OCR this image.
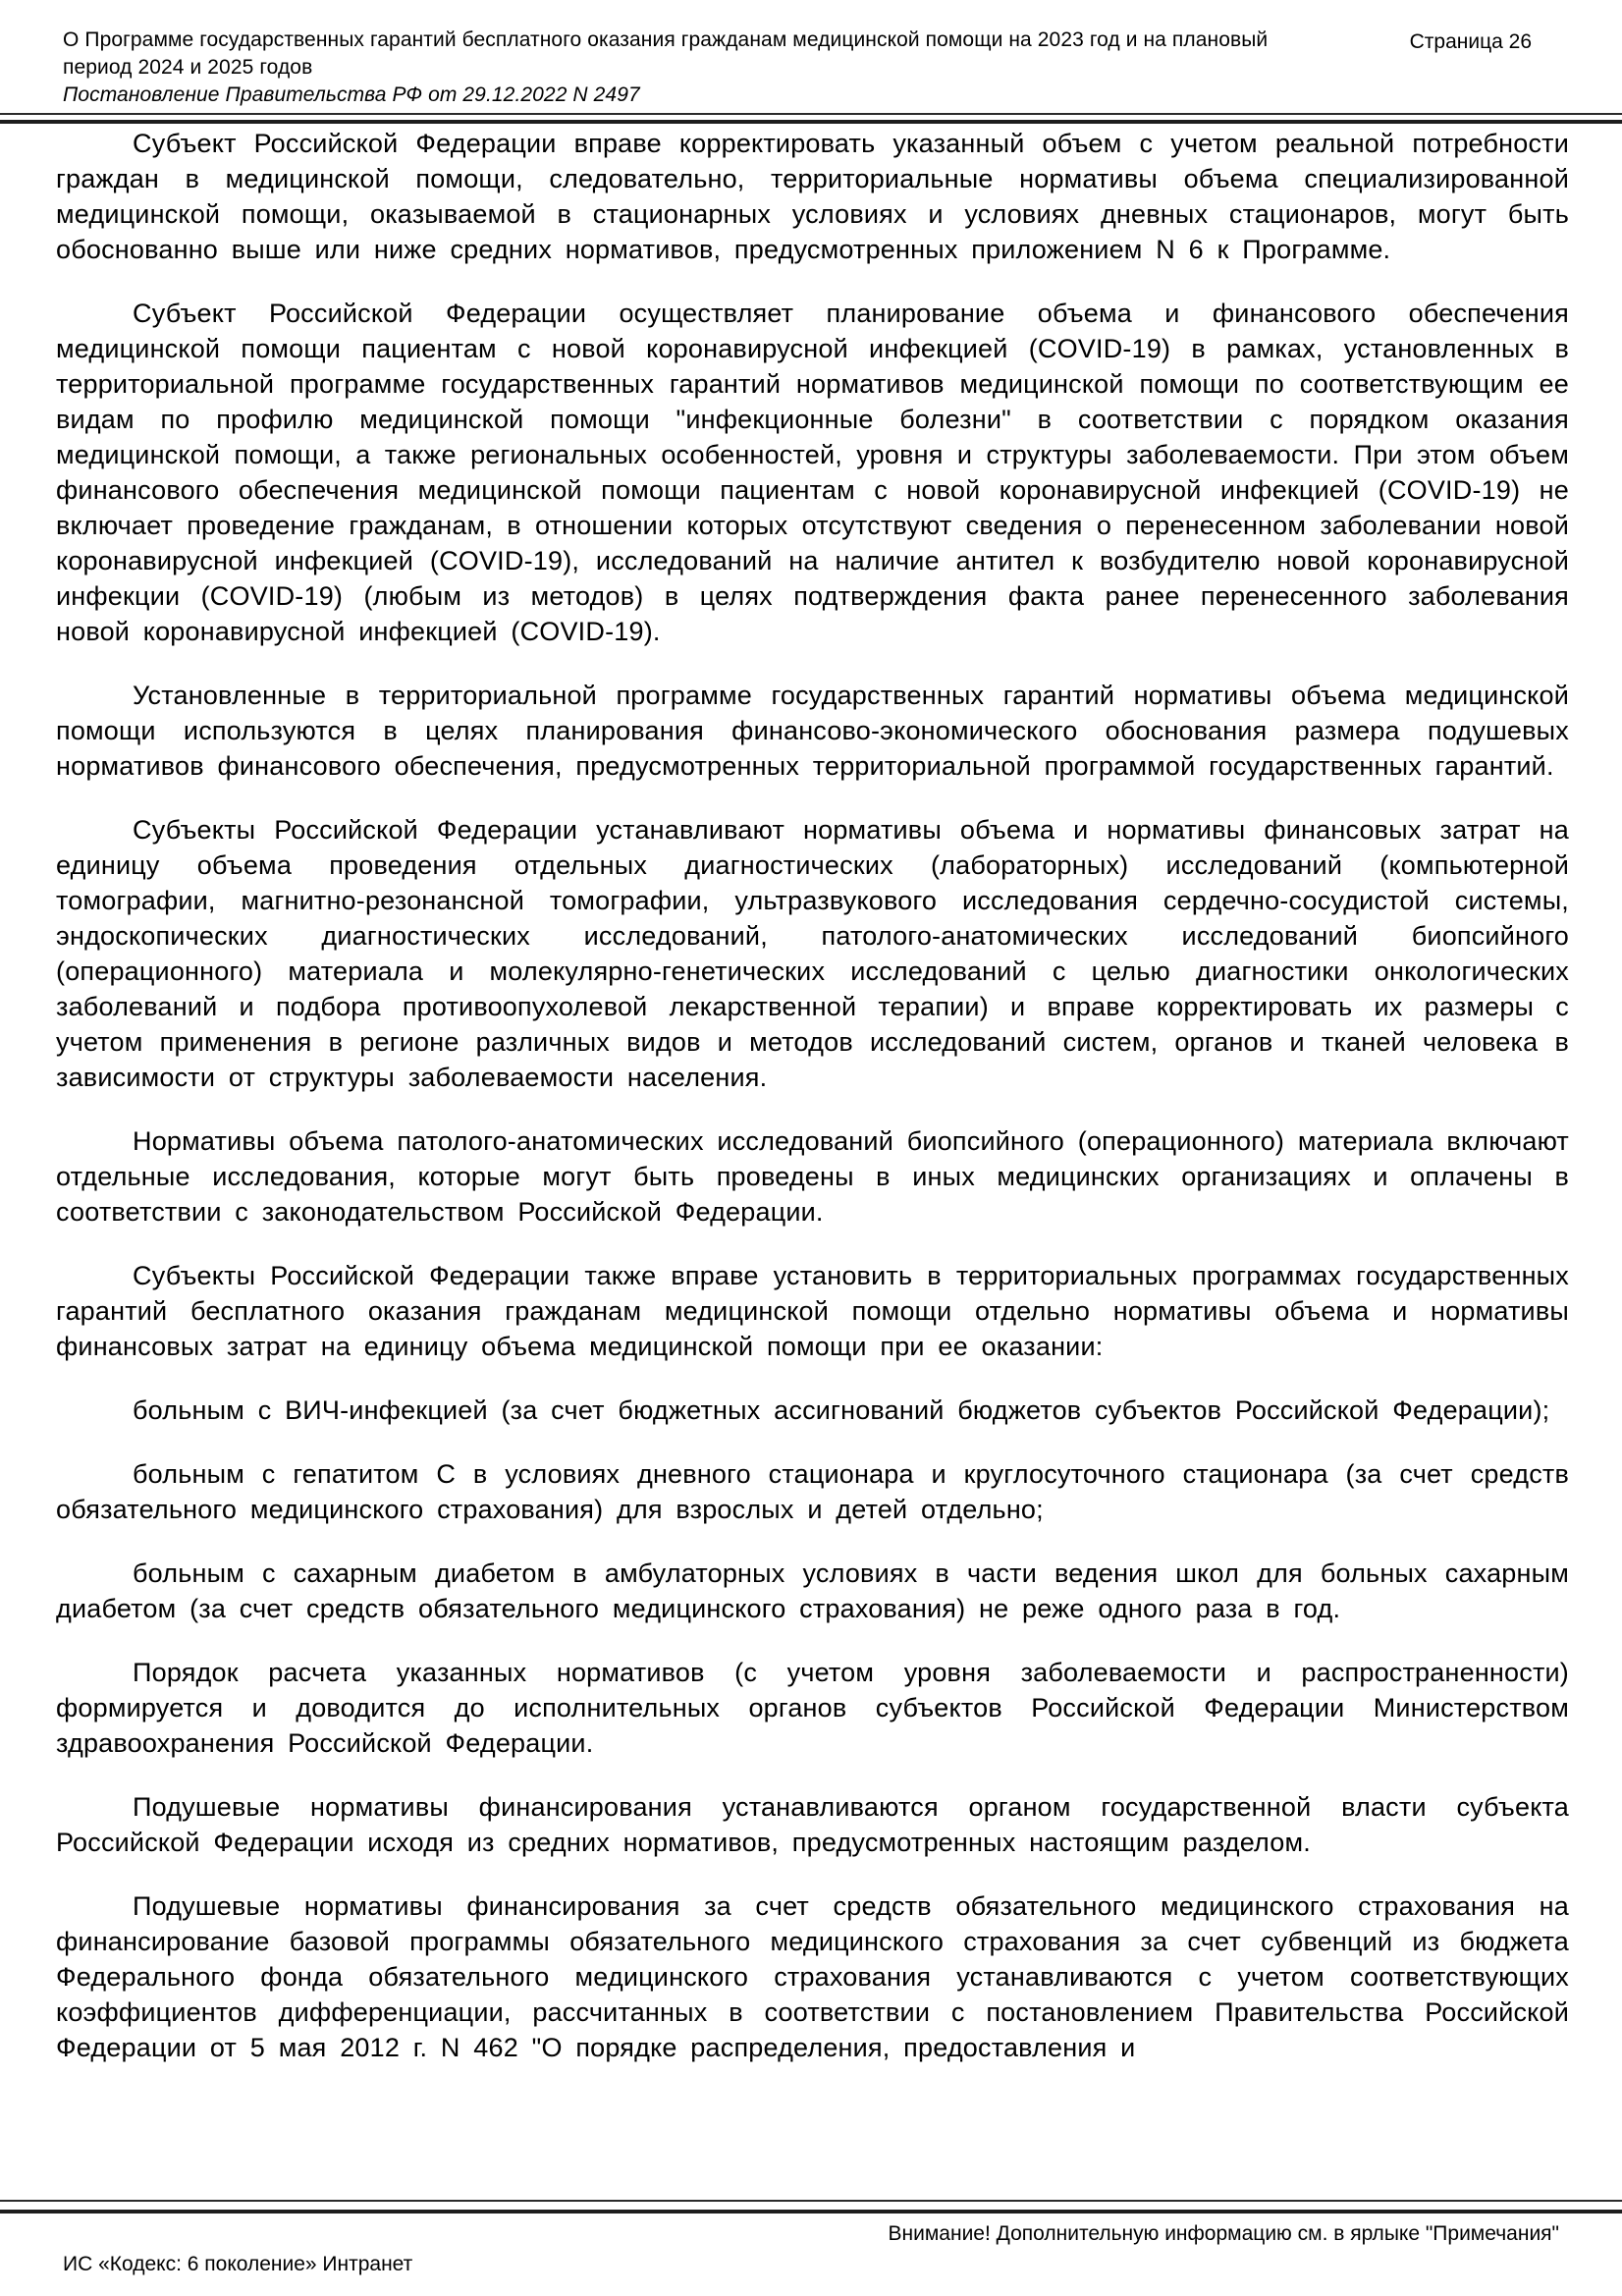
О Программе государственных гарантий бесплатного оказания гражданам медицинской помощи на 2023 год и на плановый период 2024 и 2025 годов
Постановление Правительства РФ от 29.12.2022 N 2497
Страница 26

Субъект Российской Федерации вправе корректировать указанный объем с учетом реальной потребности граждан в медицинской помощи, следовательно, территориальные нормативы объема специализированной медицинской помощи, оказываемой в стационарных условиях и условиях дневных стационаров, могут быть обоснованно выше или ниже средних нормативов, предусмотренных приложением N 6 к Программе.

Субъект Российской Федерации осуществляет планирование объема и финансового обеспечения медицинской помощи пациентам с новой коронавирусной инфекцией (COVID-19) в рамках, установленных в территориальной программе государственных гарантий нормативов медицинской помощи по соответствующим ее видам по профилю медицинской помощи "инфекционные болезни" в соответствии с порядком оказания медицинской помощи, а также региональных особенностей, уровня и структуры заболеваемости. При этом объем финансового обеспечения медицинской помощи пациентам с новой коронавирусной инфекцией (COVID-19) не включает проведение гражданам, в отношении которых отсутствуют сведения о перенесенном заболевании новой коронавирусной инфекцией (COVID-19), исследований на наличие антител к возбудителю новой коронавирусной инфекции (COVID-19) (любым из методов) в целях подтверждения факта ранее перенесенного заболевания новой коронавирусной инфекцией (COVID-19).

Установленные в территориальной программе государственных гарантий нормативы объема медицинской помощи используются в целях планирования финансово-экономического обоснования размера подушевых нормативов финансового обеспечения, предусмотренных территориальной программой государственных гарантий.

Субъекты Российской Федерации устанавливают нормативы объема и нормативы финансовых затрат на единицу объема проведения отдельных диагностических (лабораторных) исследований (компьютерной томографии, магнитно-резонансной томографии, ультразвукового исследования сердечно-сосудистой системы, эндоскопических диагностических исследований, патолого-анатомических исследований биопсийного (операционного) материала и молекулярно-генетических исследований с целью диагностики онкологических заболеваний и подбора противоопухолевой лекарственной терапии) и вправе корректировать их размеры с учетом применения в регионе различных видов и методов исследований систем, органов и тканей человека в зависимости от структуры заболеваемости населения.

Нормативы объема патолого-анатомических исследований биопсийного (операционного) материала включают отдельные исследования, которые могут быть проведены в иных медицинских организациях и оплачены в соответствии с законодательством Российской Федерации.

Субъекты Российской Федерации также вправе установить в территориальных программах государственных гарантий бесплатного оказания гражданам медицинской помощи отдельно нормативы объема и нормативы финансовых затрат на единицу объема медицинской помощи при ее оказании:

больным с ВИЧ-инфекцией (за счет бюджетных ассигнований бюджетов субъектов Российской Федерации);

больным с гепатитом C в условиях дневного стационара и круглосуточного стационара (за счет средств обязательного медицинского страхования) для взрослых и детей отдельно;

больным с сахарным диабетом в амбулаторных условиях в части ведения школ для больных сахарным диабетом (за счет средств обязательного медицинского страхования) не реже одного раза в год.

Порядок расчета указанных нормативов (с учетом уровня заболеваемости и распространенности) формируется и доводится до исполнительных органов субъектов Российской Федерации Министерством здравоохранения Российской Федерации.

Подушевые нормативы финансирования устанавливаются органом государственной власти субъекта Российской Федерации исходя из средних нормативов, предусмотренных настоящим разделом.

Подушевые нормативы финансирования за счет средств обязательного медицинского страхования на финансирование базовой программы обязательного медицинского страхования за счет субвенций из бюджета Федерального фонда обязательного медицинского страхования устанавливаются с учетом соответствующих коэффициентов дифференциации, рассчитанных в соответствии с постановлением Правительства Российской Федерации от 5 мая 2012 г. N 462 "О порядке распределения, предоставления и

Внимание! Дополнительную информацию см. в ярлыке "Примечания"
ИС «Кодекс: 6 поколение» Интранет
